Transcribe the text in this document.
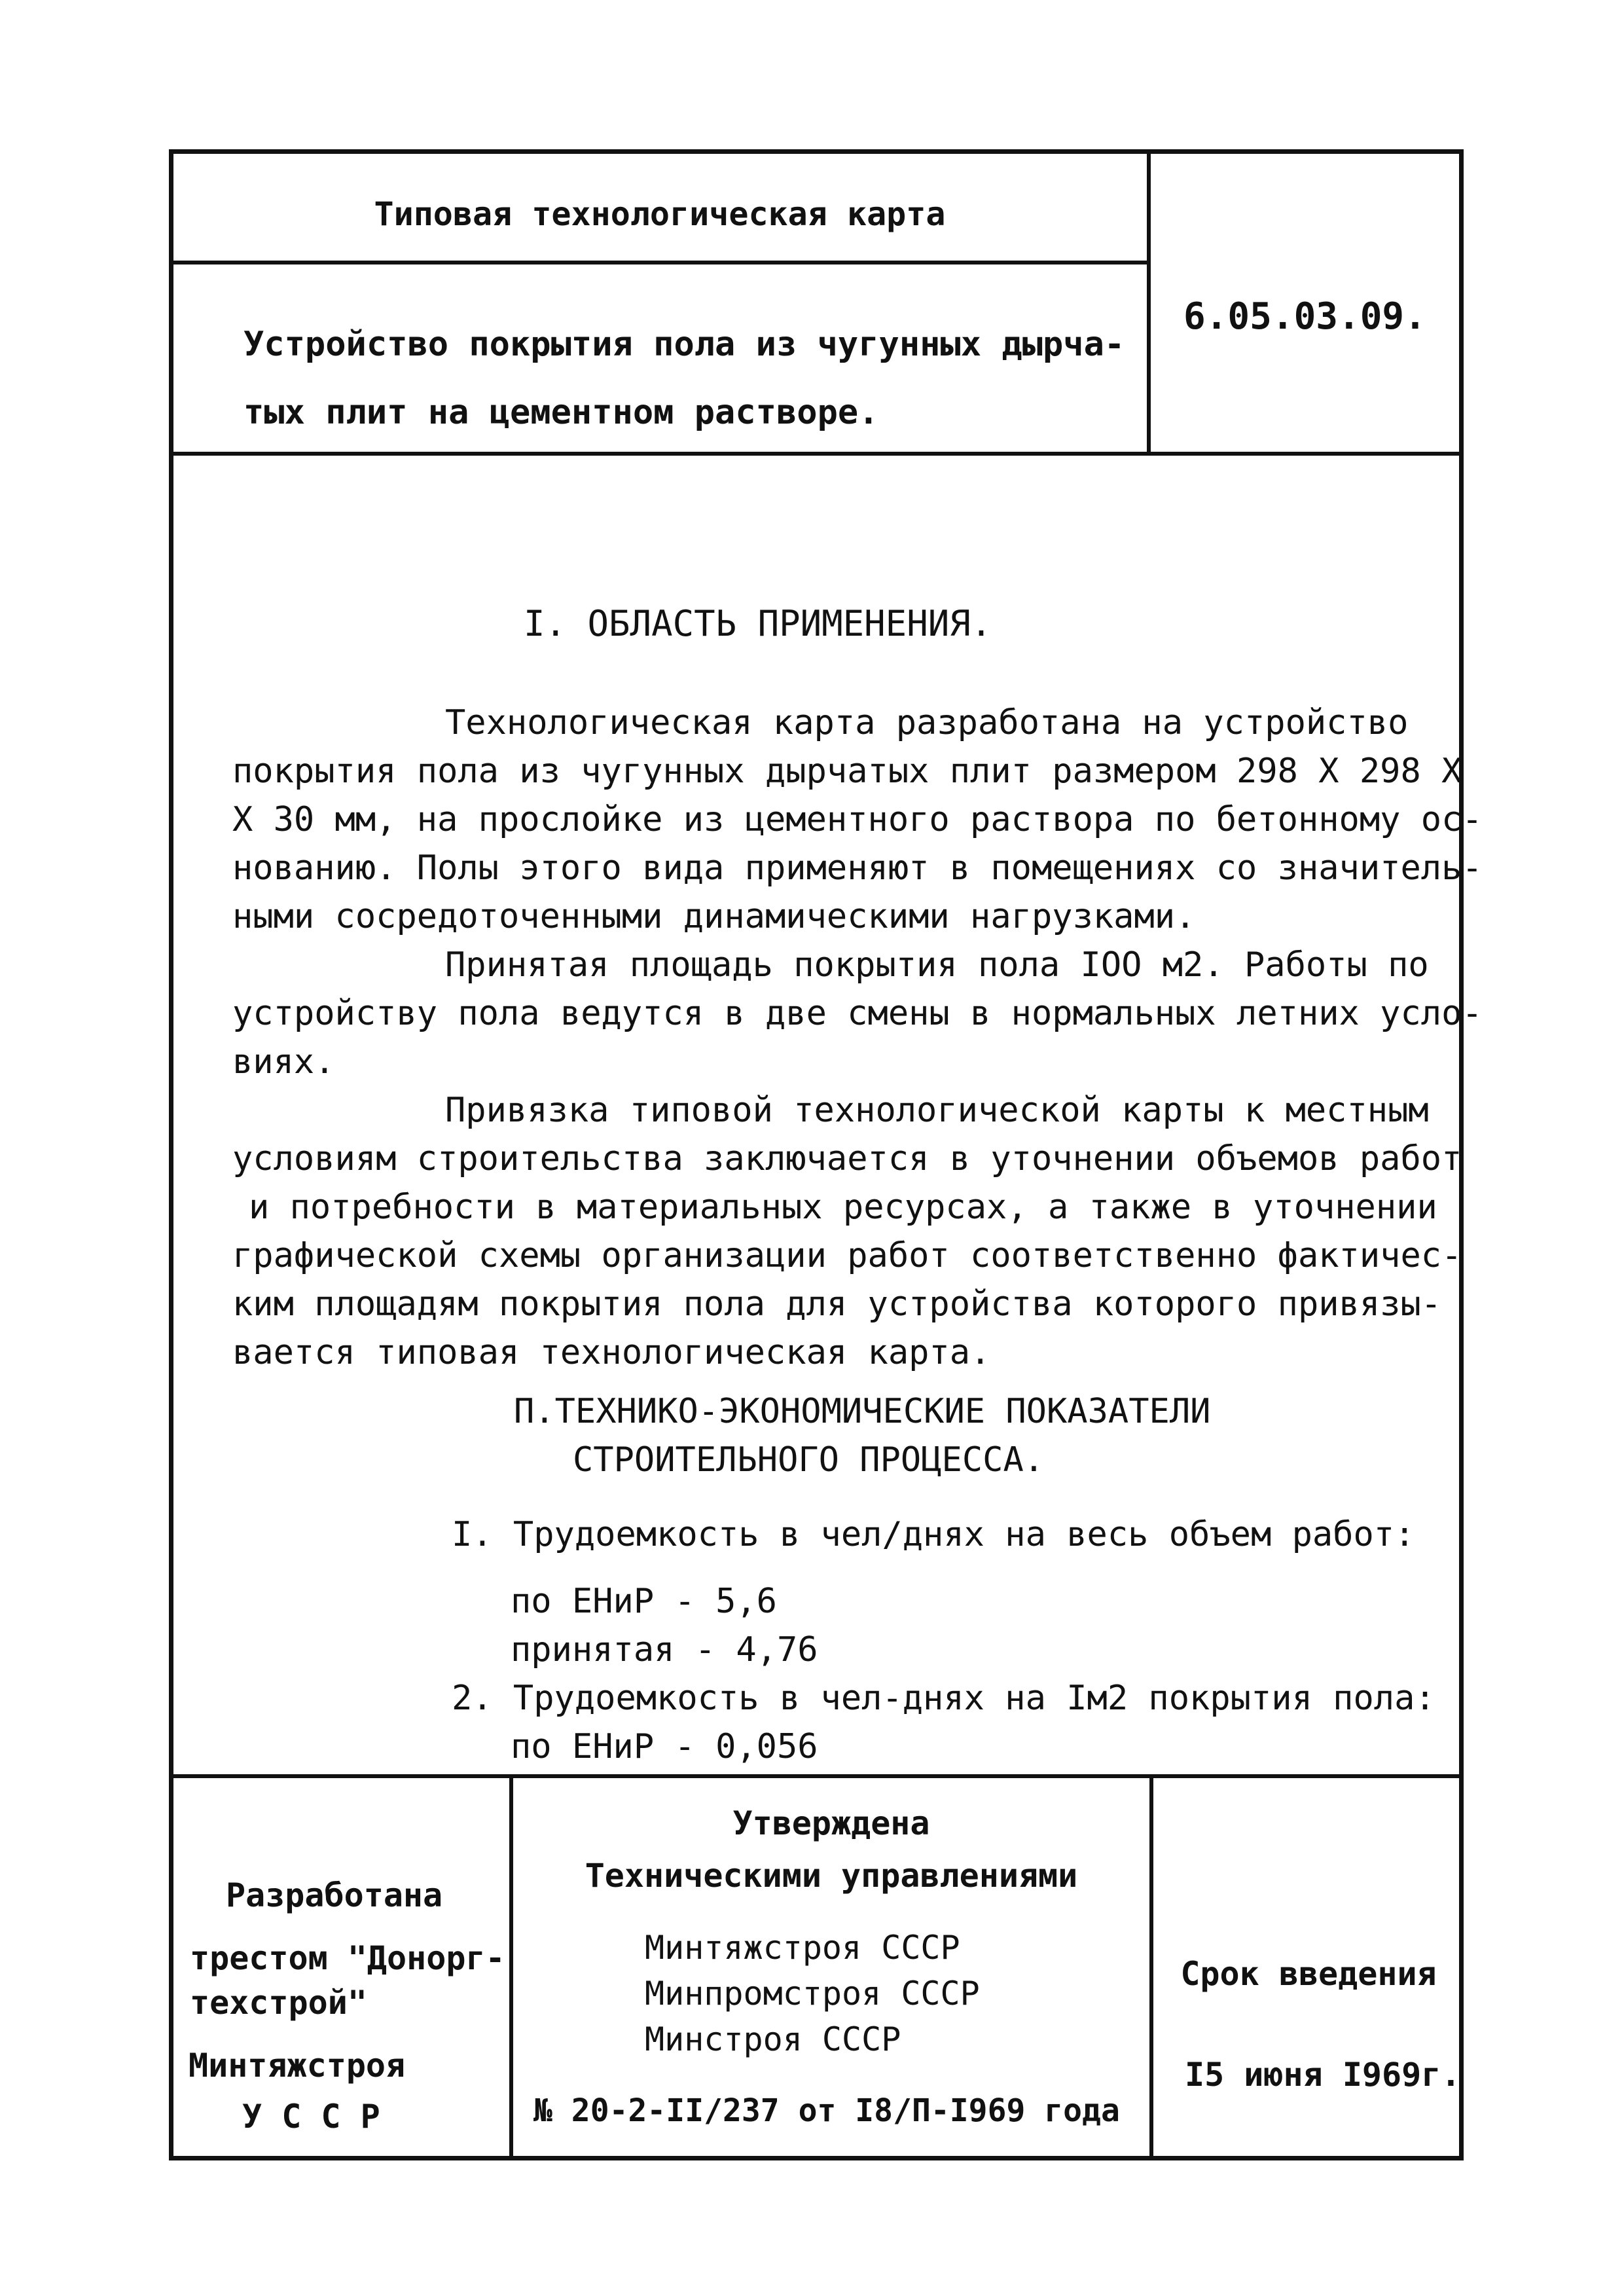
Типовая технологическая карта
Устройство покрытия пола из чугунных дырча-
тых плит на цементном растворе.
6.05.03.09.
I. ОБЛАСТЬ ПРИМЕНЕНИЯ.
Технологическая карта разработана на устройство
покрытия пола из чугунных дырчатых плит размером 298 Х 298 Х
Х 30 мм, на прослойке из цементного раствора по бетонному ос-
нованию. Полы этого вида применяют в помещениях со значитель-
ными сосредоточенными динамическими нагрузками.
Принятая площадь покрытия пола IOO м2. Работы по
устройству пола ведутся в две смены в нормальных летних усло-
виях.
Привязка типовой технологической карты к местным
условиям строительства заключается в уточнении объемов работ
и потребности в материальных ресурсах, а также в уточнении
графической схемы организации работ соответственно фактичес-
ким площадям покрытия пола для устройства которого привязы-
вается типовая технологическая карта.
П.ТЕХНИКО-ЭКОНОМИЧЕСКИЕ ПОКАЗАТЕЛИ
СТРОИТЕЛЬНОГО ПРОЦЕССА.
I. Трудоемкость в чел/днях на весь объем работ:
по ЕНиР - 5,6
принятая - 4,76
2. Трудоемкость в чел-днях на Iм2 покрытия пола:
по ЕНиР - 0,056
Разработана
трестом "Донорг-
техстрой"
Минтяжстроя
У С С Р
Утверждена
Техническими управлениями
Минтяжстроя СССР
Минпромстроя СССР
Минстроя СССР
№ 20-2-II/237 от I8/П-I969 года
Срок введения
I5 июня I969г.
